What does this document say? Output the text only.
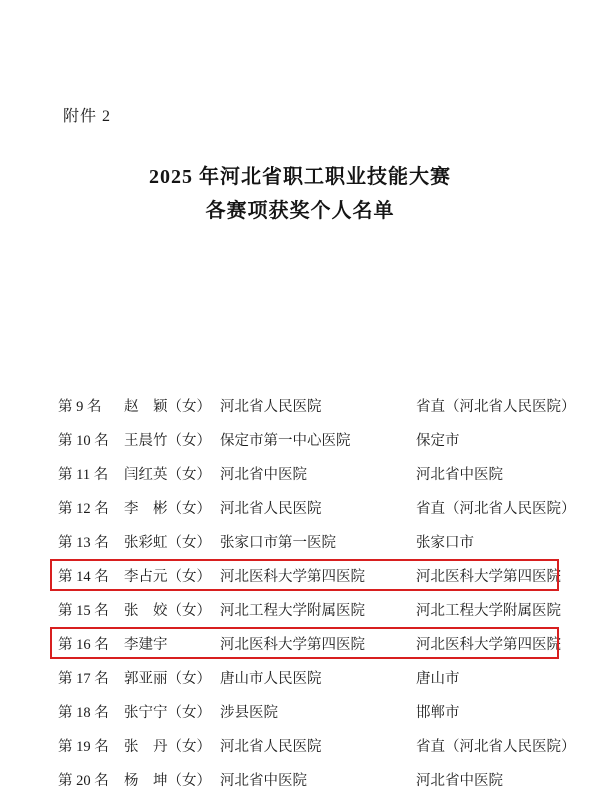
附件 2
2025 年河北省职工职业技能大赛
各赛项获奖个人名单
第 9 名	赵　颖（女） 河北省人民医院	省直（河北省人民医院）
第 10 名	王晨竹（女） 保定市第一中心医院	保定市
第 11 名	闫红英（女） 河北省中医院	河北省中医院
第 12 名	李　彬（女） 河北省人民医院	省直（河北省人民医院）
第 13 名	张彩虹（女） 张家口市第一医院	张家口市
第 14 名	李占元（女） 河北医科大学第四医院	河北医科大学第四医院
第 15 名	张　姣（女） 河北工程大学附属医院	河北工程大学附属医院
第 16 名	李建宇	河北医科大学第四医院	河北医科大学第四医院
第 17 名	郭亚丽（女） 唐山市人民医院	唐山市
第 18 名	张宁宁（女） 涉县医院	邯郸市
第 19 名	张　丹（女） 河北省人民医院	省直（河北省人民医院）
第 20 名	杨　坤（女） 河北省中医院	河北省中医院
